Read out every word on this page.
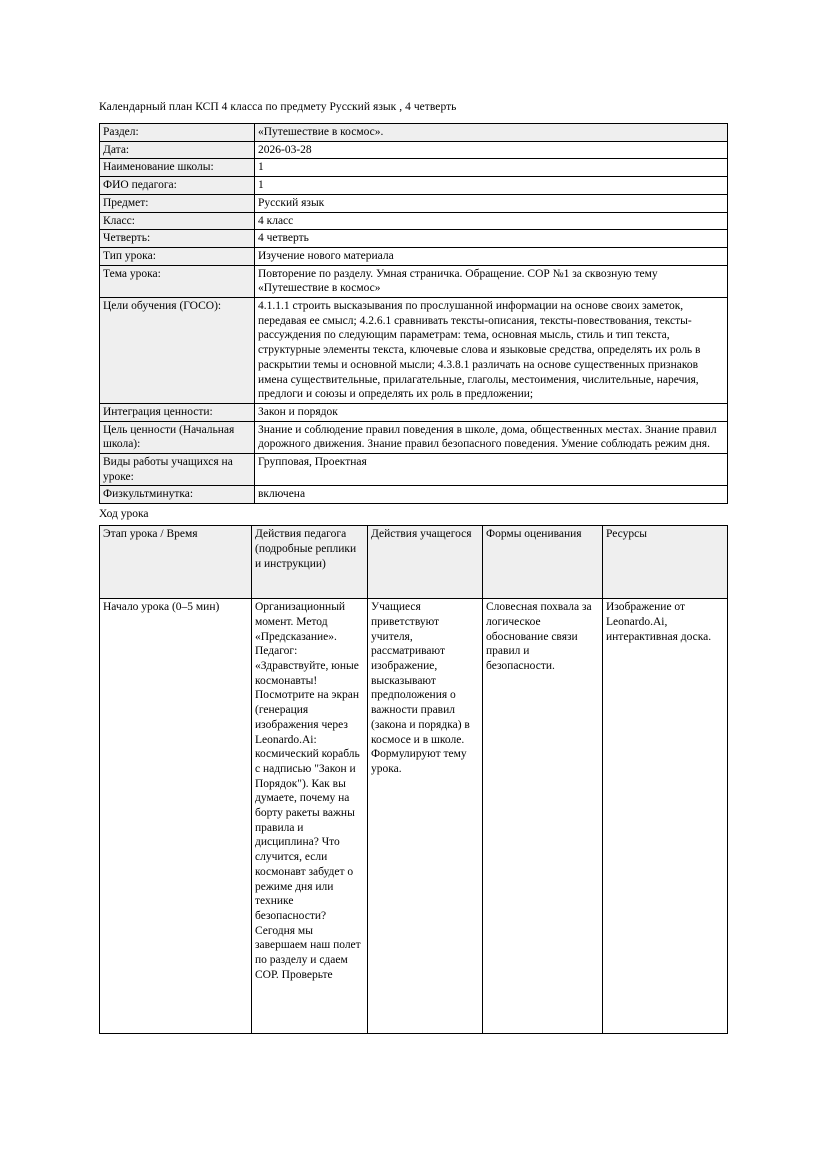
Календарный план КСП 4 класса по предмету Русский язык , 4 четверть

Раздел:	«Путешествие в космос».
Дата:	2026-03-28
Наименование школы:	1
ФИО педагога:	1
Предмет:	Русский язык
Класс:	4 класс
Четверть:	4 четверть
Тип урока:	Изучение нового материала
Тема урока:	Повторение по разделу. Умная страничка. Обращение. СОР №1 за сквозную тему «Путешествие в космос»
Цели обучения (ГОСО):	4.1.1.1 строить высказывания по прослушанной информации на основе своих заметок, передавая ее смысл; 4.2.6.1 сравнивать тексты-описания, тексты-повествования, тексты-рассуждения по следующим параметрам: тема, основная мысль, стиль и тип текста, структурные элементы текста, ключевые слова и языковые средства, определять их роль в раскрытии темы и основной мысли; 4.3.8.1 различать на основе существенных признаков имена существительные, прилагательные, глаголы, местоимения, числительные, наречия, предлоги и союзы и определять их роль в предложении;
Интеграция ценности:	Закон и порядок
Цель ценности (Начальная школа):	Знание и соблюдение правил поведения в школе, дома, общественных местах. Знание правил дорожного движения. Знание правил безопасного поведения. Умение соблюдать режим дня.
Виды работы учащихся на уроке:	Групповая, Проектная
Физкультминутка:	включена

Ход урока

Этап урока / Время	Действия педагога (подробные реплики и инструкции)	Действия учащегося	Формы оценивания	Ресурсы
Начало урока (0–5 мин)	Организационный момент. Метод «Предсказание». Педагог: «Здравствуйте, юные космонавты! Посмотрите на экран (генерация изображения через Leonardo.Ai: космический корабль с надписью "Закон и Порядок"). Как вы думаете, почему на борту ракеты важны правила и дисциплина? Что случится, если космонавт забудет о режиме дня или технике безопасности? Сегодня мы завершаем наш полет по разделу и сдаем СОР. Проверьте	Учащиеся приветствуют учителя, рассматривают изображение, высказывают предположения о важности правил (закона и порядка) в космосе и в школе. Формулируют тему урока.	Словесная похвала за логическое обоснование связи правил и безопасности.	Изображение от Leonardo.Ai, интерактивная доска.
